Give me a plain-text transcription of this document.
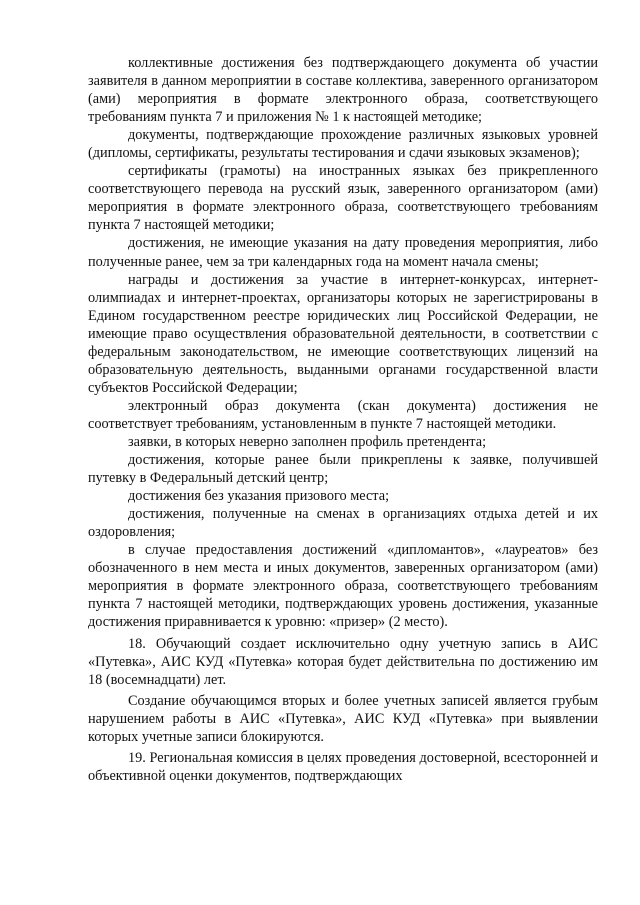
коллективные достижения без подтверждающего документа об участии заявителя в данном мероприятии в составе коллектива, заверенного организатором (ами) мероприятия в формате электронного образа, соответствующего требованиям пункта 7 и приложения № 1 к настоящей методике;

документы, подтверждающие прохождение различных языковых уровней (дипломы, сертификаты, результаты тестирования и сдачи языковых экзаменов);

сертификаты (грамоты) на иностранных языках без прикрепленного соответствующего перевода на русский язык, заверенного организатором (ами) мероприятия в формате электронного образа, соответствующего требованиям пункта 7 настоящей методики;

достижения, не имеющие указания на дату проведения мероприятия, либо полученные ранее, чем за три календарных года на момент начала смены;

награды и достижения за участие в интернет-конкурсах, интернет-олимпиадах и интернет-проектах, организаторы которых не зарегистрированы в Едином государственном реестре юридических лиц Российской Федерации, не имеющие право осуществления образовательной деятельности, в соответствии с федеральным законодательством, не имеющие соответствующих лицензий на образовательную деятельность, выданными органами государственной власти субъектов Российской Федерации;

электронный образ документа (скан документа) достижения не соответствует требованиям, установленным в пункте 7 настоящей методики.

заявки, в которых неверно заполнен профиль претендента;

достижения, которые ранее были прикреплены к заявке, получившей путевку в Федеральный детский центр;

достижения без указания призового места;

достижения, полученные на сменах в организациях отдыха детей и их оздоровления;

в случае предоставления достижений «дипломантов», «лауреатов» без обозначенного в нем места и иных документов, заверенных организатором (ами) мероприятия в формате электронного образа, соответствующего требованиям пункта 7 настоящей методики, подтверждающих уровень достижения, указанные достижения приравнивается к уровню: «призер» (2 место).

18. Обучающий создает исключительно одну учетную запись в АИС «Путевка», АИС КУД «Путевка» которая будет действительна по достижению им 18 (восемнадцати) лет.

Создание обучающимся вторых и более учетных записей является грубым нарушением работы в АИС «Путевка», АИС КУД «Путевка» при выявлении которых учетные записи блокируются.

19. Региональная комиссия в целях проведения достоверной, всесторонней и объективной оценки документов, подтверждающих
